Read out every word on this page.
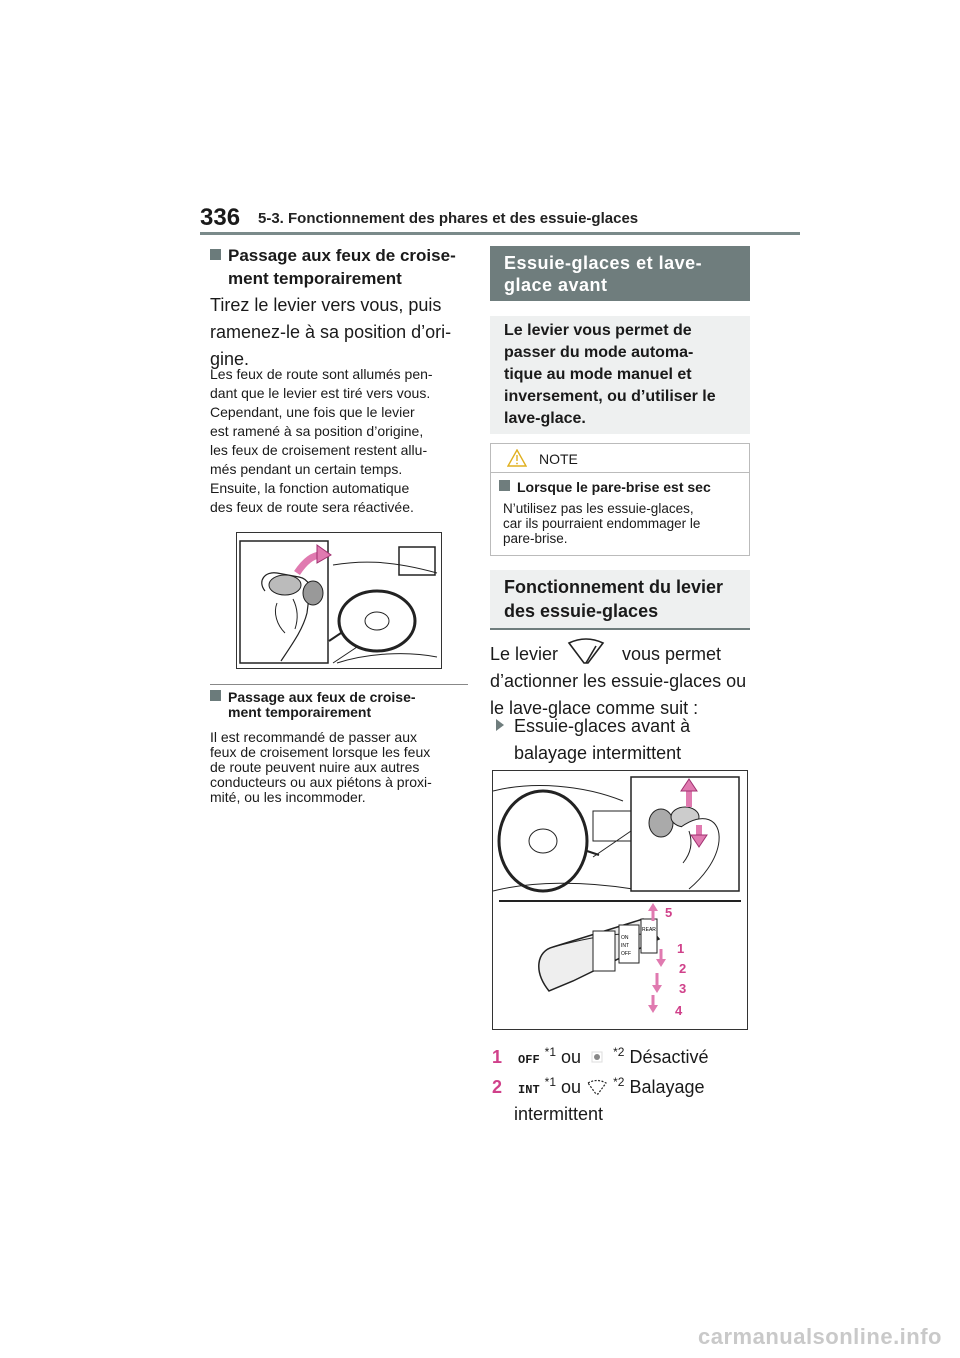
336 5-3. Fonctionnement des phares et des essuie-glaces
Passage aux feux de croise-
ment temporairement
Tirez le levier vers vous, puis
ramenez-le à sa position d’ori-
gine.
Les feux de route sont allumés pen-
dant que le levier est tiré vers vous.
Cependant, une fois que le levier
est ramené à sa position d’origine,
les feux de croisement restent allu-
més pendant un certain temps.
Ensuite, la fonction automatique
des feux de route sera réactivée.
Passage aux feux de croise-
ment temporairement
Il est recommandé de passer aux
feux de croisement lorsque les feux
de route peuvent nuire aux autres
conducteurs ou aux piétons à proxi-
mité, ou les incommoder.
Essuie-glaces et lave-
glace avant
Le levier vous permet de
passer du mode automa-
tique au mode manuel et
inversement, ou d’utiliser le
lave-glace.
NOTE
Lorsque le pare-brise est sec
N’utilisez pas les essuie-glaces,
car ils pourraient endommager le
pare-brise.
Fonctionnement du levier
des essuie-glaces
Le levier	vous permet
d’actionner les essuie-glaces ou
le lave-glace comme suit :
Essuie-glaces avant à
balayage intermittent
ON
INT
OFF
REAR
5
1
2
3
4
1 OFF $^{*1}$ ou	$^{*2}$ Désactivé
2 INT $^{*1}$ ou	$^{*2}$ Balayage
intermittent
carmanualsonline.info
